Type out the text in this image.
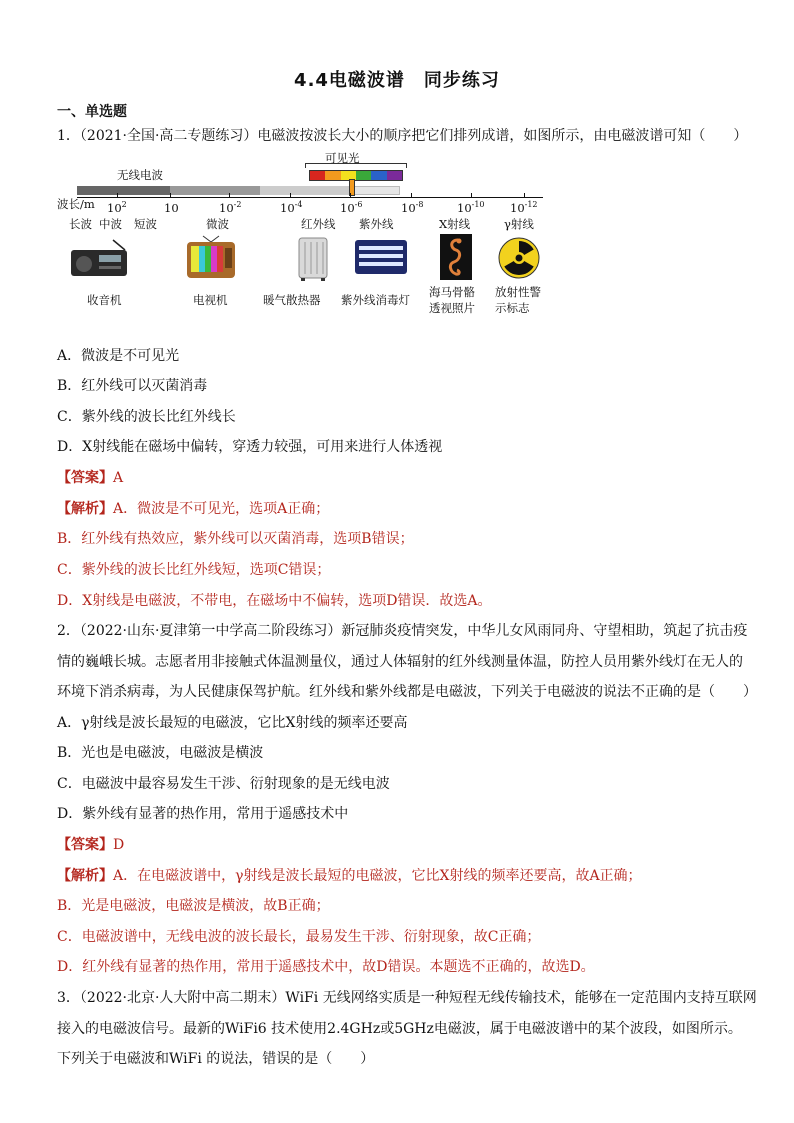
4.4电磁波谱　同步练习
一、单选题
1．（2021·全国·高二专题练习）电磁波按波长大小的顺序把它们排列成谱，如图所示，由电磁波谱可知（　　）
可见光
无线电波
波长/m $10^2$	10	$10^{-2}$	$10^{-4}$	$10^{-6}$	$10^{-8}$	$10^{-10}$ $10^{-12}$
长波 中波 短波	微波	红外线 紫外线	X射线	γ射线
收音机	电视机	暖气散热器 紫外线消毒灯
海马骨骼
透视照片
放射性警
示标志
A．微波是不可见光
B．红外线可以灭菌消毒
C．紫外线的波长比红外线长
D．X射线能在磁场中偏转，穿透力较强，可用来进行人体透视
【答案】A
【解析】A．微波是不可见光，选项A正确；
B．红外线有热效应，紫外线可以灭菌消毒，选项B错误；
C．紫外线的波长比红外线短，选项C错误；
D．X射线是电磁波，不带电，在磁场中不偏转，选项D错误．故选A。
2．（2022·山东·夏津第一中学高二阶段练习）新冠肺炎疫情突发，中华儿女风雨同舟、守望相助，筑起了抗击疫
情的巍峨长城。志愿者用非接触式体温测量仪，通过人体辐射的红外线测量体温，防控人员用紫外线灯在无人的
环境下消杀病毒，为人民健康保驾护航。红外线和紫外线都是电磁波，下列关于电磁波的说法不正确的是（　　）
A．γ射线是波长最短的电磁波，它比X射线的频率还要高
B．光也是电磁波，电磁波是横波
C．电磁波中最容易发生干涉、衍射现象的是无线电波
D．紫外线有显著的热作用，常用于遥感技术中
【答案】D
【解析】A．在电磁波谱中，γ射线是波长最短的电磁波，它比X射线的频率还要高，故A正确；
B．光是电磁波，电磁波是横波，故B正确；
C．电磁波谱中，无线电波的波长最长，最易发生干涉、衍射现象，故C正确；
D．红外线有显著的热作用，常用于遥感技术中，故D错误。本题选不正确的，故选D。
3．（2022·北京·人大附中高二期末）WiFi 无线网络实质是一种短程无线传输技术，能够在一定范围内支持互联网
接入的电磁波信号。最新的WiFi6 技术使用2.4GHz或5GHz电磁波，属于电磁波谱中的某个波段，如图所示。
下列关于电磁波和WiFi 的说法，错误的是（　　）
